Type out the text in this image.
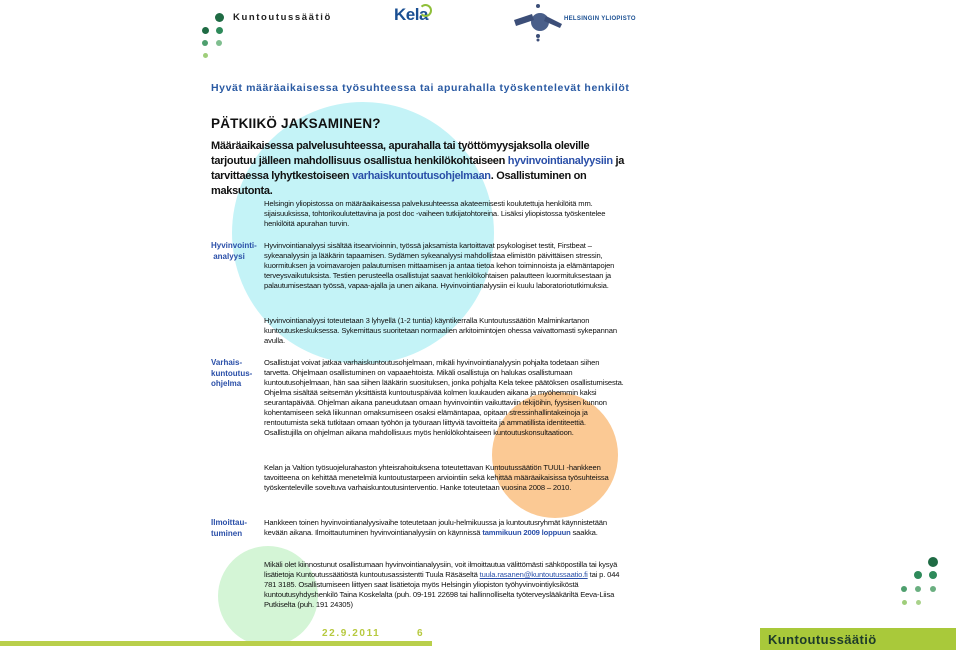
Kuntoutussäätiö	Kela	HELSINGIN YLIOPISTO
Hyvät määräaikaisessa työsuhteessa tai apurahalla työskentelevät henkilöt
PÄTKIIKÖ JAKSAMINEN?
Määräaikaisessa palvelusuhteessa, apurahalla tai työttömyysjaksolla oleville tarjoutuu jälleen mahdollisuus osallistua henkilökohtaiseen hyvinvointianalyysiin ja tarvittaessa lyhytkestoiseen varhaiskuntoutusohjelmaan. Osallistuminen on maksutonta.
Helsingin yliopistossa on määräaikaisessa palvelusuhteessa akateemisesti koulutettuja henkilöitä mm. sijaisuuksissa, tohtorikoulutettavina ja post doc -vaiheen tutkijatohtoreina. Lisäksi yliopistossa työskentelee henkilöitä apurahan turvin.
Hyvinvointi-
analyysi
Hyvinvointianalyysi sisältää itsearvioinnin, työssä jaksamista kartoittavat psykologiset testit, Firstbeat – sykeanalyysin ja lääkärin tapaamisen. Sydämen sykeanalyysi mahdollistaa elimistön päivittäisen stressin, kuormituksen ja voimavarojen palautumisen mittaamisen ja antaa tietoa kehon toiminnoista ja elämäntapojen terveysvaikutuksista. Testien perusteella osallistujat saavat henkilökohtaisen palautteen kuormituksestaan ja palautumisestaan työssä, vapaa-ajalla ja unen aikana. Hyvinvointianalyysiin ei kuulu laboratoriotutkimuksia.
Hyvinvointianalyysi toteutetaan 3 lyhyellä (1-2 tuntia) käyntikerralla Kuntoutussäätiön Malminkartanon kuntoutuskeskuksessa. Sykemittaus suoritetaan normaalien arkitoimintojen ohessa vaivattomasti sykepannan avulla.
Varhais-
kuntoutus-
ohjelma
Osallistujat voivat jatkaa varhaiskuntoutusohjelmaan, mikäli hyvinvointianalyysin pohjalta todetaan siihen tarvetta. Ohjelmaan osallistuminen on vapaaehtoista. Mikäli osallistuja on halukas osallistumaan kuntoutusohjelmaan, hän saa siihen lääkärin suosituksen, jonka pohjalta Kela tekee päätöksen osallistumisesta. Ohjelma sisältää seitsemän yksittäistä kuntoutuspäivää kolmen kuukauden aikana ja myöhemmin kaksi seurantapäivää. Ohjelman aikana paneudutaan omaan hyvinvointiin vaikuttaviin tekijöihin, fyysisen kunnon kohentamiseen sekä liikunnan omaksumiseen osaksi elämäntapaa, opitaan stressinhallintakeinoja ja rentoutumista sekä tutkitaan omaan työhön ja työuraan liittyviä tavoitteita ja ammatillista identiteettiä. Osallistujilla on ohjelman aikana mahdollisuus myös henkilökohtaiseen kuntoutuskonsultaatioon.
Kelan ja Valtion työsuojelurahaston yhteisrahoituksena toteutettavan Kuntoutussäätiön TUULI -hankkeen tavoitteena on kehittää menetelmiä kuntoutustarpeen arviointiin sekä kehittää määräaikaisissa työsuhteissa työskenteleville soveltuva varhaiskuntoutusinterventio. Hanke toteutetaan vuosina 2008 – 2010.
Ilmoittau-
tuminen
Hankkeen toinen hyvinvointianalyysivaihe toteutetaan joulu-helmikuussa ja kuntoutusryhmät käynnistetään kevään aikana. Ilmoittautuminen hyvinvointianalyysiin on käynnissä tammikuun 2009 loppuun saakka.
Mikäli olet kiinnostunut osallistumaan hyvinvointianalyysiin, voit ilmoittautua välittömästi sähköpostilla tai kysyä lisätietoja Kuntoutussäätiöstä kuntoutusassistentti Tuula Räsäseltä tuula.rasanen@kuntoutussaatio.fi tai p. 044 781 3185. Osallistumiseen liittyen saat lisätietoja myös Helsingin yliopiston työhyvinvointiyksiköstä kuntoutusyhdyshenkilö Taina Koskelalta (puh. 09-191 22698 tai hallinnolliselta työterveyslääkäriltä Eeva-Liisa Putkiselta (puh. 191 24305)
22.9.2011	6	Kuntoutussäätiö
